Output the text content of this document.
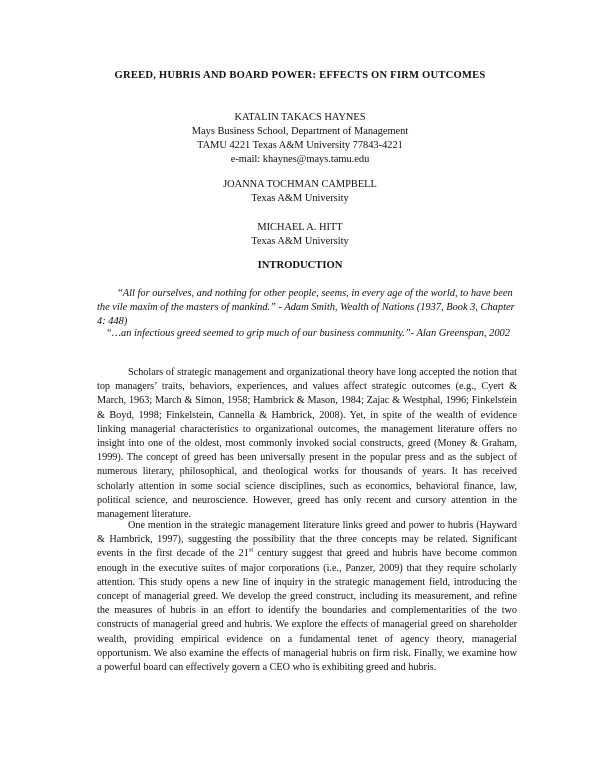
GREED, HUBRIS AND BOARD POWER: EFFECTS ON FIRM OUTCOMES
KATALIN TAKACS HAYNES
Mays Business School, Department of Management
TAMU 4221 Texas A&M University 77843-4221
e-mail: khaynes@mays.tamu.edu
JOANNA TOCHMAN CAMPBELL
Texas A&M University
MICHAEL A. HITT
Texas A&M University
INTRODUCTION
“All for ourselves, and nothing for other people, seems, in every age of the world, to have been the vile maxim of the masters of mankind.” - Adam Smith, Wealth of Nations (1937, Book 3, Chapter 4: 448)
“…an infectious greed seemed to grip much of our business community.”- Alan Greenspan, 2002

Scholars of strategic management and organizational theory have long accepted the notion that top managers’ traits, behaviors, experiences, and values affect strategic outcomes (e.g., Cyert & March, 1963; March & Simon, 1958; Hambrick & Mason, 1984; Zajac & Westphal, 1996; Finkelstein & Boyd, 1998; Finkelstein, Cannella & Hambrick, 2008). Yet, in spite of the wealth of evidence linking managerial characteristics to organizational outcomes, the management literature offers no insight into one of the oldest, most commonly invoked social constructs, greed (Money & Graham, 1999). The concept of greed has been universally present in the popular press and as the subject of numerous literary, philosophical, and theological works for thousands of years. It has received scholarly attention in some social science disciplines, such as economics, behavioral finance, law, political science, and neuroscience. However, greed has only recent and cursory attention in the management literature.

One mention in the strategic management literature links greed and power to hubris (Hayward & Hambrick, 1997), suggesting the possibility that the three concepts may be related. Significant events in the first decade of the 21st century suggest that greed and hubris have become common enough in the executive suites of major corporations (i.e., Panzer, 2009) that they require scholarly attention. This study opens a new line of inquiry in the strategic management field, introducing the concept of managerial greed. We develop the greed construct, including its measurement, and refine the measures of hubris in an effort to identify the boundaries and complementarities of the two constructs of managerial greed and hubris. We explore the effects of managerial greed on shareholder wealth, providing empirical evidence on a fundamental tenet of agency theory, managerial opportunism. We also examine the effects of managerial hubris on firm risk. Finally, we examine how a powerful board can effectively govern a CEO who is exhibiting greed and hubris.
